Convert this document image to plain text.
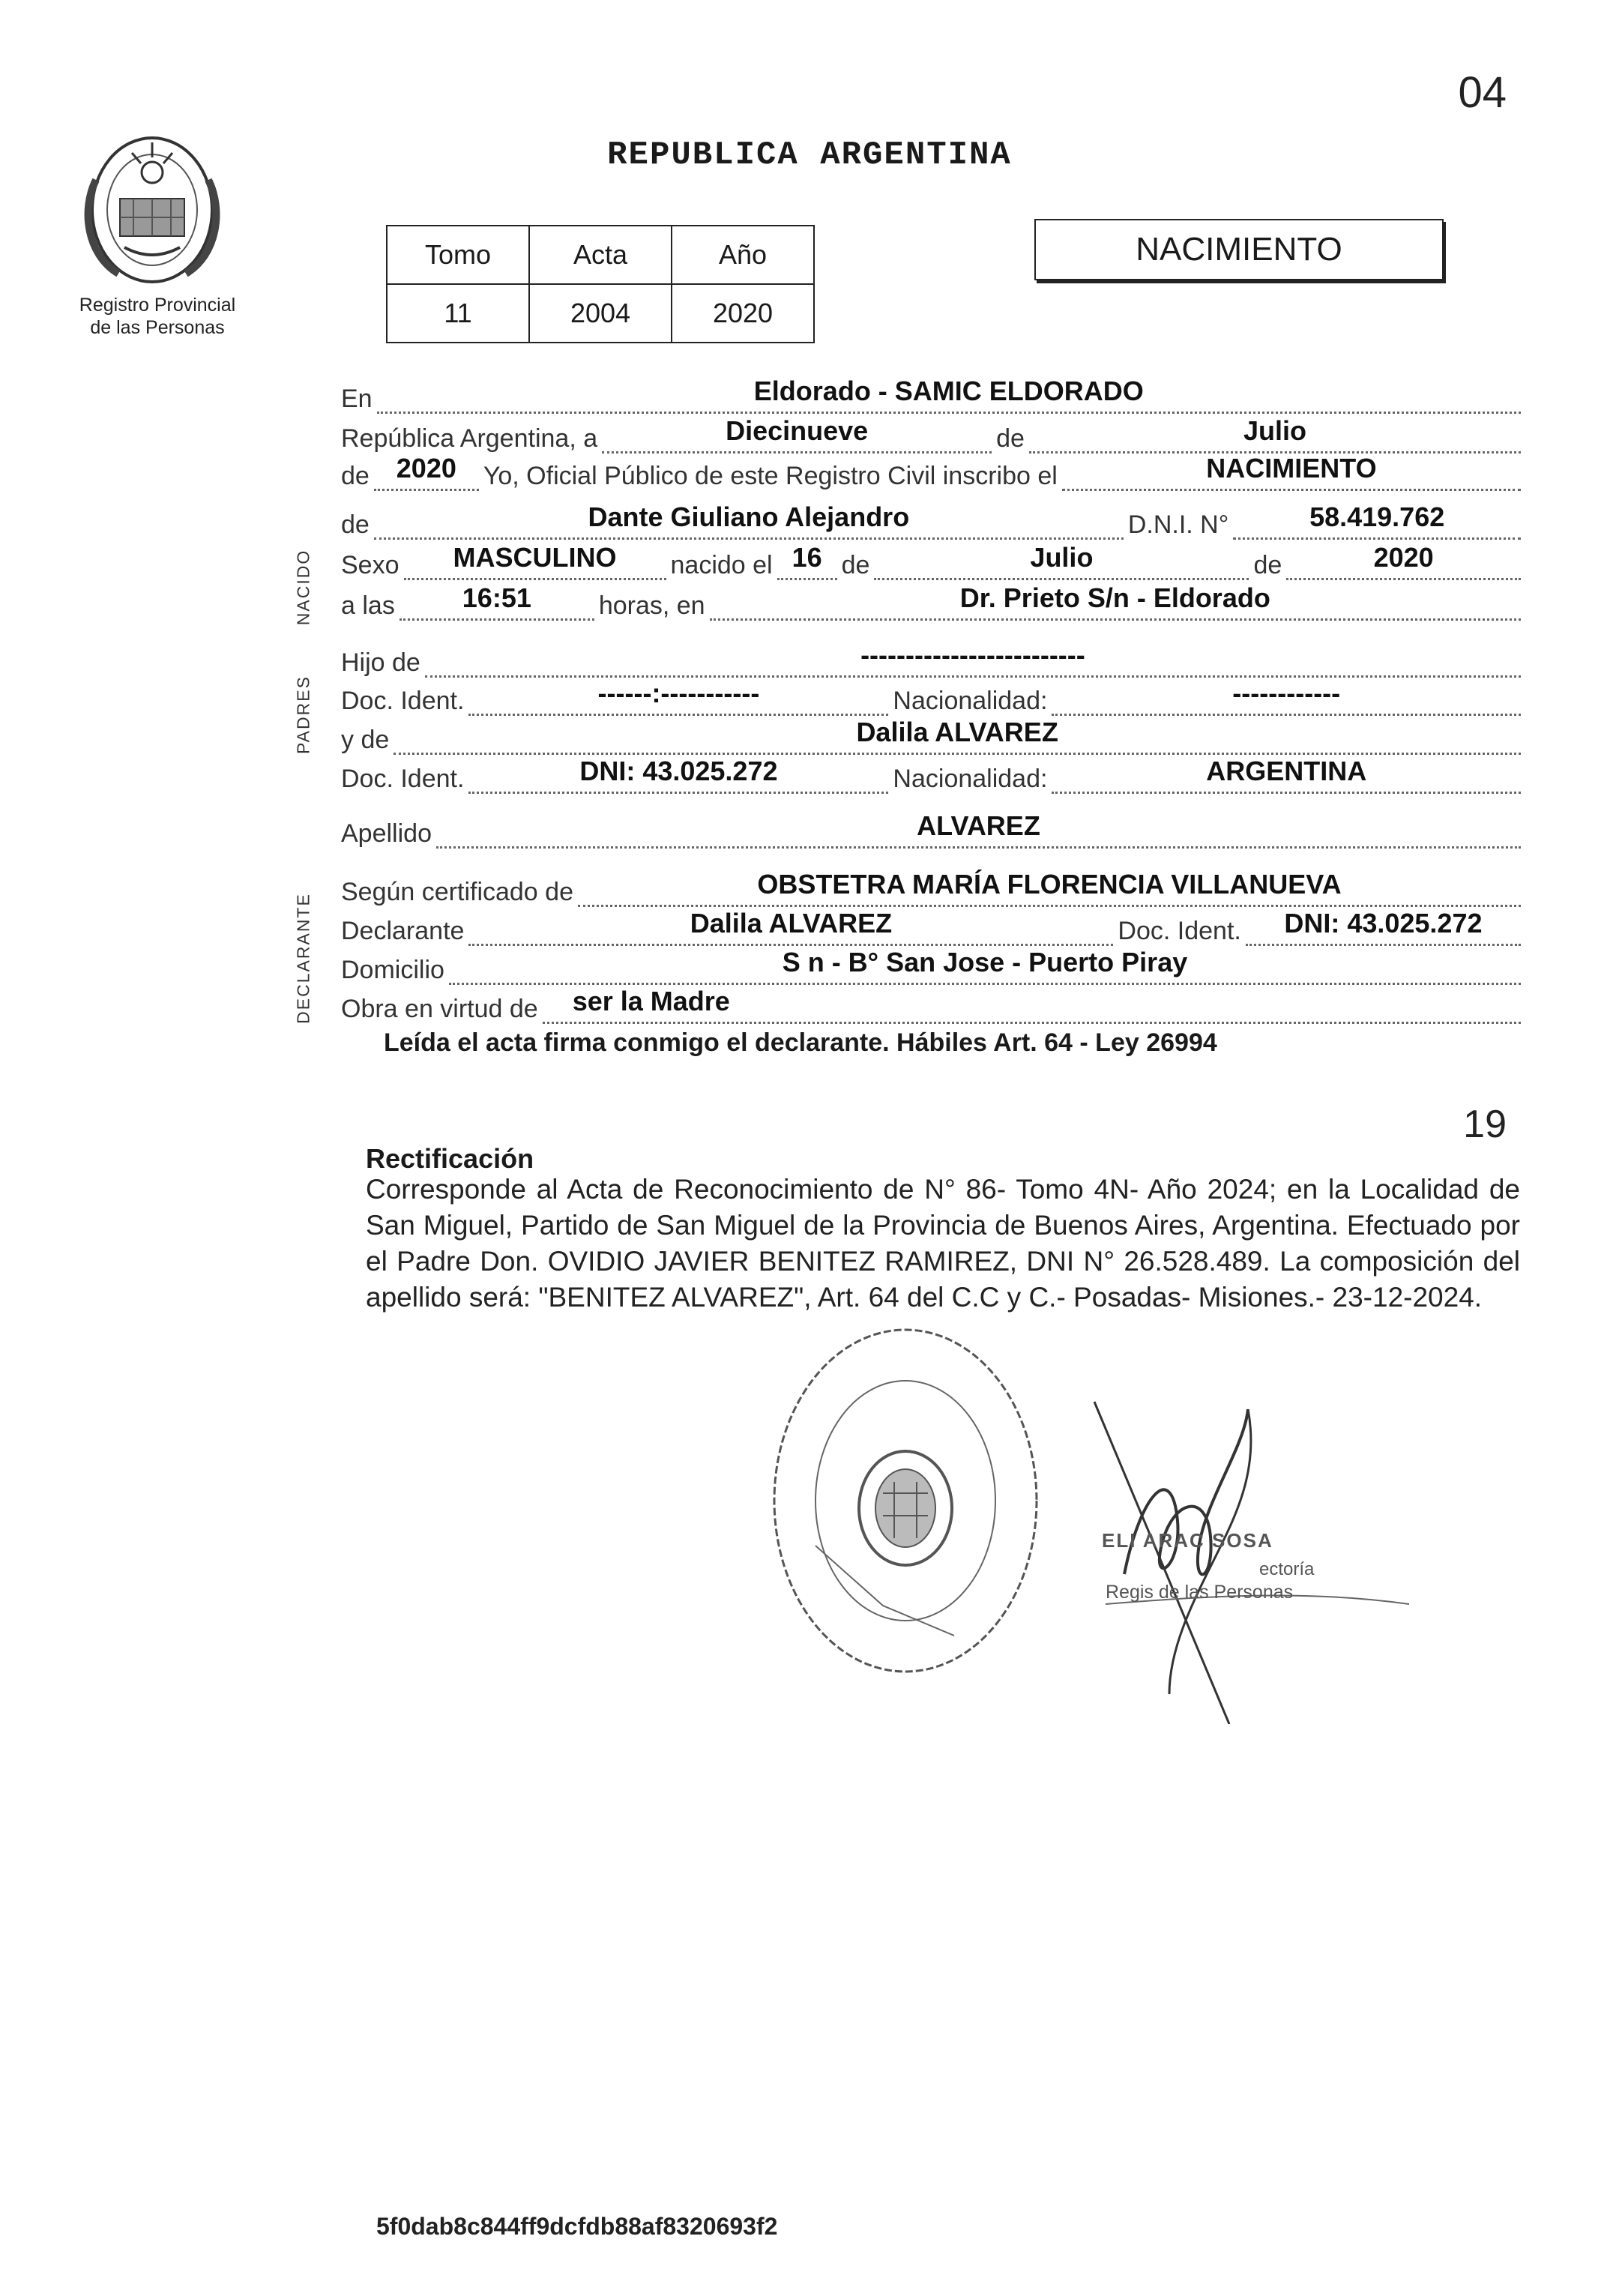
04
19
Registro Provincial
de las Personas
REPUBLICA ARGENTINA
Tomo	Acta	Año
11	2004	2020
NACIMIENTO
NACIDO
PADRES
DECLARANTE
En	Eldorado - SAMIC ELDORADO
República Argentina, a	Diecinueve	de	Julio
de 2020	Yo, Oficial Público de este Registro Civil inscribo el	NACIMIENTO
de	Dante Giuliano Alejandro	D.N.I. N°	58.419.762
Sexo	MASCULINO	nacido el 16 de	Julio	de	2020
a las	16:51	horas, en	Dr. Prieto S/n - Eldorado
Hijo de	-------------------------
Doc. Ident.	------:-----------	Nacionalidad:	------------
y de	Dalila ALVAREZ
Doc. Ident.	DNI: 43.025.272	Nacionalidad:	ARGENTINA
Apellido	ALVAREZ
Según certificado de	OBSTETRA MARÍA FLORENCIA VILLANUEVA
Declarante	Dalila ALVAREZ	Doc. Ident.	DNI: 43.025.272
Domicilio	S n - B° San Jose - Puerto Piray
Obra en virtud de ser la Madre
Leída el acta firma conmigo el declarante. Hábiles Art. 64 - Ley 26994
Rectificación
Corresponde al Acta de Reconocimiento de N° 86- Tomo 4N- Año 2024; en la Localidad de San Miguel, Partido de San Miguel de la Provincia de Buenos Aires, Argentina. Efectuado por el Padre Don. OVIDIO JAVIER BENITEZ RAMIREZ, DNI N° 26.528.489. La composición del apellido será: "BENITEZ ALVAREZ", Art. 64 del C.C y C.- Posadas- Misiones.- 23-12-2024.
ELI ARAC SOSA
ectoría
Regis de las Personas
5f0dab8c844ff9dcfdb88af8320693f2
